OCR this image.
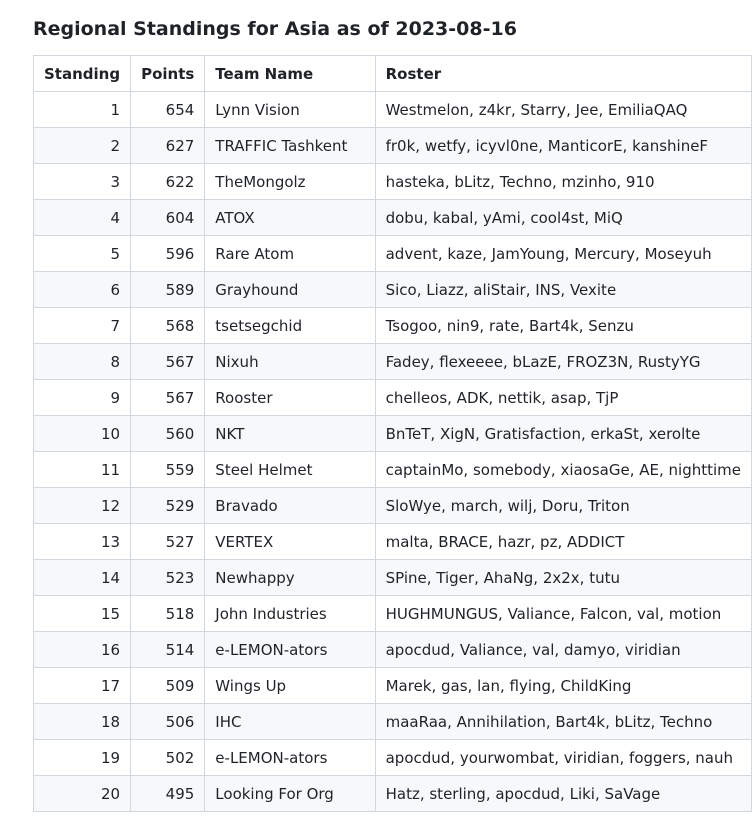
Regional Standings for Asia as of 2023-08-16
Standing	Points	Team Name	Roster
1	654	Lynn Vision	Westmelon, z4kr, Starry, Jee, EmiliaQAQ
2	627	TRAFFIC Tashkent	fr0k, wetfy, icyvl0ne, ManticorE, kanshineF
3	622	TheMongolz	hasteka, bLitz, Techno, mzinho, 910
4	604	ATOX	dobu, kabal, yAmi, cool4st, MiQ
5	596	Rare Atom	advent, kaze, JamYoung, Mercury, Moseyuh
6	589	Grayhound	Sico, Liazz, aliStair, INS, Vexite
7	568	tsetsegchid	Tsogoo, nin9, rate, Bart4k, Senzu
8	567	Nixuh	Fadey, flexeeee, bLazE, FROZ3N, RustyYG
9	567	Rooster	chelleos, ADK, nettik, asap, TjP
10	560	NKT	BnTeT, XigN, Gratisfaction, erkaSt, xerolte
11	559	Steel Helmet	captainMo, somebody, xiaosaGe, AE, nighttime
12	529	Bravado	SloWye, march, wilj, Doru, Triton
13	527	VERTEX	malta, BRACE, hazr, pz, ADDICT
14	523	Newhappy	SPine, Tiger, AhaNg, 2x2x, tutu
15	518	John Industries	HUGHMUNGUS, Valiance, Falcon, val, motion
16	514	e-LEMON-ators	apocdud, Valiance, val, damyo, viridian
17	509	Wings Up	Marek, gas, lan, flying, ChildKing
18	506	IHC	maaRaa, Annihilation, Bart4k, bLitz, Techno
19	502	e-LEMON-ators	apocdud, yourwombat, viridian, foggers, nauh
20	495	Looking For Org	Hatz, sterling, apocdud, Liki, SaVage
